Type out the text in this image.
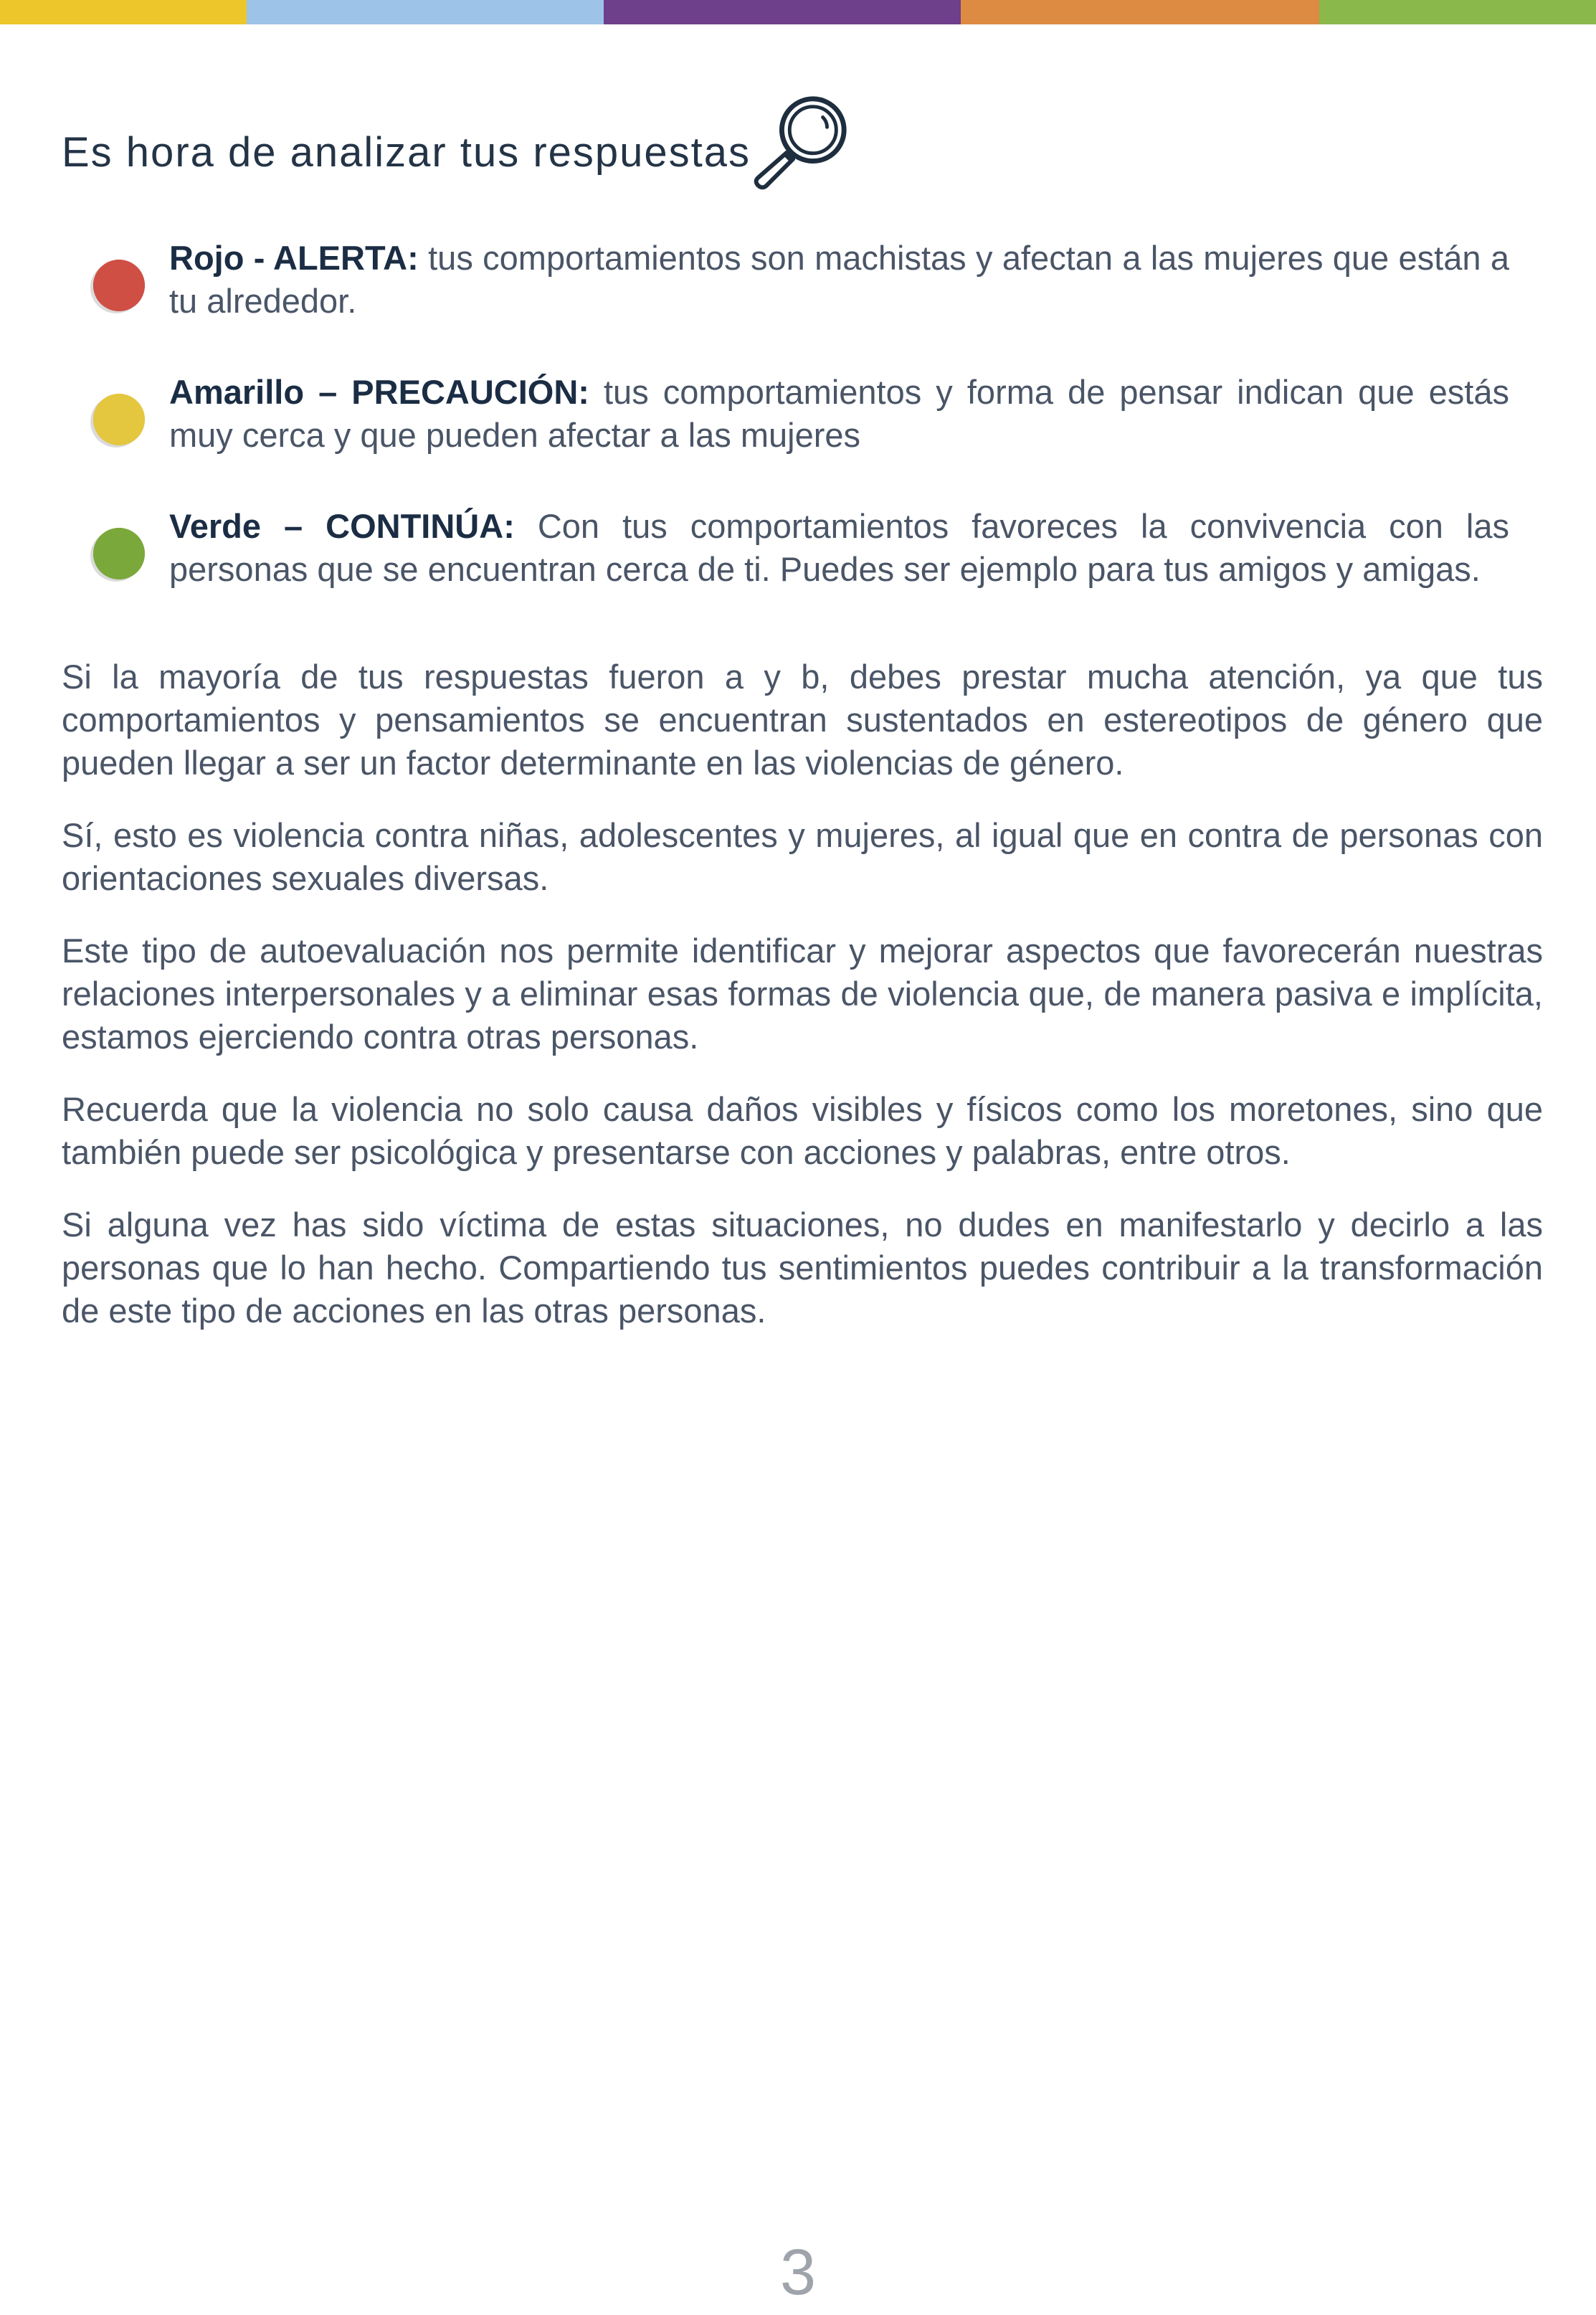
Es hora de analizar tus respuestas

Rojo - ALERTA: tus comportamientos son machistas y afectan a las mujeres que están a tu alrededor.

Amarillo – PRECAUCIÓN: tus comportamientos y forma de pensar indican que estás muy cerca y que pueden afectar a las mujeres

Verde – CONTINÚA: Con tus comportamientos favoreces la convivencia con las personas que se encuentran cerca de ti. Puedes ser ejemplo para tus amigos y amigas.

Si la mayoría de tus respuestas fueron a y b, debes prestar mucha atención, ya que tus comportamientos y pensamientos se encuentran sustentados en estereotipos de género que pueden llegar a ser un factor determinante en las violencias de género.

Sí, esto es violencia contra niñas, adolescentes y mujeres, al igual que en contra de personas con orientaciones sexuales diversas.

Este tipo de autoevaluación nos permite identificar y mejorar aspectos que favorecerán nuestras relaciones interpersonales y a eliminar esas formas de violencia que, de manera pasiva e implícita, estamos ejerciendo contra otras personas.

Recuerda que la violencia no solo causa daños visibles y físicos como los moretones, sino que también puede ser psicológica y presentarse con acciones y palabras, entre otros.

Si alguna vez has sido víctima de estas situaciones, no dudes en manifestarlo y decirlo a las personas que lo han hecho. Compartiendo tus sentimientos puedes contribuir a la transformación de este tipo de acciones en las otras personas.

3
